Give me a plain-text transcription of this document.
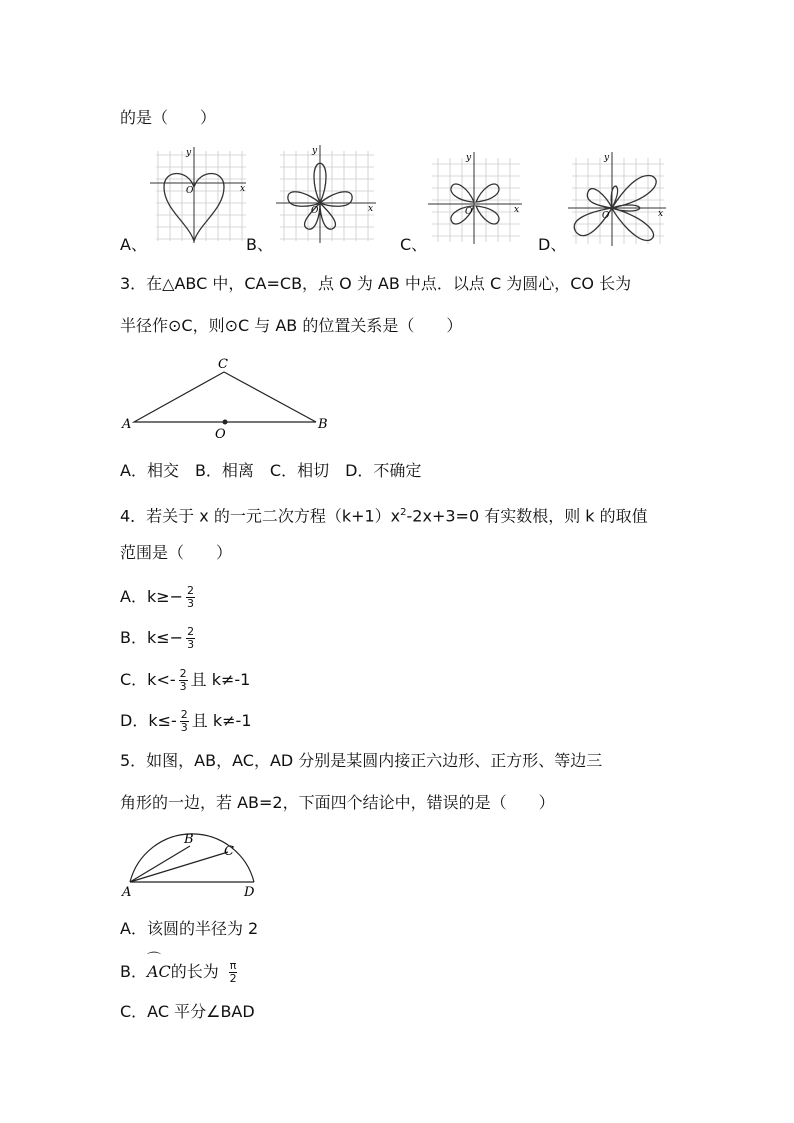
的是（　　）
A、
x
y
O
B、
x
y
O
C、
x
y
O
D、
x
y
O
3．在△ABC 中，CA=CB，点 O 为 AB 中点．以点 C 为圆心，CO 长为
半径作⊙C，则⊙C 与 AB 的位置关系是（　　）
A	B
C
O
A．相交　B．相离　C．相切　D．不确定
4．若关于 x 的一元二次方程$(k+1)x^2-2x+3=0$ 有实数根，则 k 的取值
范围是（　　）
A．$k\ge- \frac{2}{3}$
B．$k\le- \frac{2}{3}$
C．$k<- \frac{2}{3}$ 且 k≠-1
D．$k\le- \frac{2}{3}$ 且 k≠-1
5．如图，AB，AC，AD 分别是某圆内接正六边形、正方形、等边三
角形的一边，若 AB=2，下面四个结论中，错误的是（　　）
A
B
C
D
A．该圆的半径为 2
B．⌒ AC的长为 $\frac{\pi}{2}$
C．AC 平分∠BAD
